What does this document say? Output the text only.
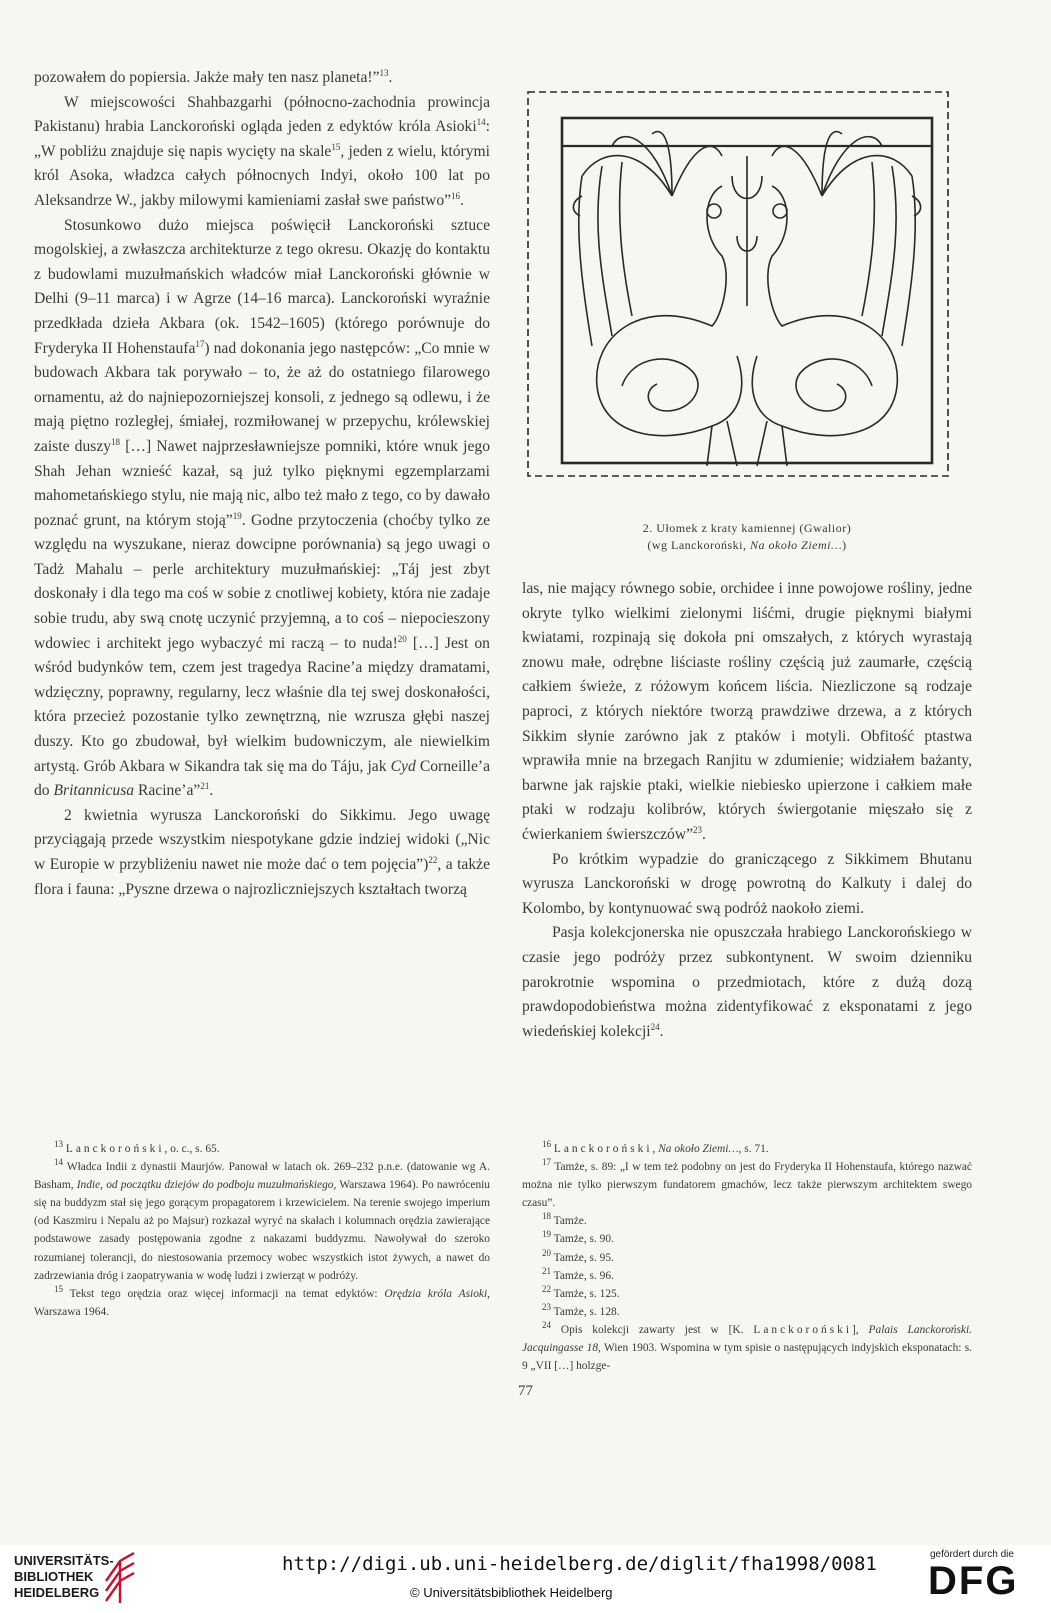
pozowałem do popiersia. Jakże mały ten nasz planeta!”$^{13}$.

W miejscowości Shahbazgarhi (północno-zachodnia prowincja Pakistanu) hrabia Lanckoroński ogląda jeden z edyktów króla Asioki$^{14}$: „W pobliżu znajduje się napis wycięty na skale$^{15}$, jeden z wielu, którymi król Asoka, władzca całych północnych Indyi, około 100 lat po Aleksandrze W., jakby milowymi kamieniami zasłał swe państwo”$^{16}$.

Stosunkowo dużo miejsca poświęcił Lanckoroński sztuce mogolskiej, a zwłaszcza architekturze z tego okresu. Okazję do kontaktu z budowlami muzułmańskich władców miał Lanckoroński głównie w Delhi (9–11 marca) i w Agrze (14–16 marca). Lanckoroński wyraźnie przedkłada dzieła Akbara (ok. 1542–1605) (którego porównuje do Fryderyka II Hohenstaufa$^{17}$) nad dokonania jego następców: „Co mnie w budowach Akbara tak porywało – to, że aż do ostatniego filarowego ornamentu, aż do najniepozorniejszej konsoli, z jednego są odlewu, i że mają piętno rozległej, śmiałej, rozmiłowanej w przepychu, królewskiej zaiste duszy$^{18}$ […] Nawet najprzesławniejsze pomniki, które wnuk jego Shah Jehan wznieść kazał, są już tylko pięknymi egzemplarzami mahometańskiego stylu, nie mają nic, albo też mało z tego, co by dawało poznać grunt, na którym stoją”$^{19}$. Godne przytoczenia (choćby tylko ze względu na wyszukane, nieraz dowcipne porównania) są jego uwagi o Tadż Mahalu – perle architektury muzułmańskiej: „Táj jest zbyt doskonały i dla tego ma coś w sobie z cnotliwej kobiety, która nie zadaje sobie trudu, aby swą cnotę uczynić przyjemną, a to coś – niepocieszony wdowiec i architekt jego wybaczyć mi raczą – to nuda!$^{20}$ […] Jest on wśród budynków tem, czem jest tragedya Racine’a między dramatami, wdzięczny, poprawny, regularny, lecz właśnie dla tej swej doskonałości, która przecież pozostanie tylko zewnętrzną, nie wzrusza głębi naszej duszy. Kto go zbudował, był wielkim budowniczym, ale niewielkim artystą. Grób Akbara w Sikandra tak się ma do Táju, jak Cyd Corneille’a do Britannicusa Racine’a”$^{21}$.

2 kwietnia wyrusza Lanckoroński do Sikkimu. Jego uwagę przyciągają przede wszystkim niespotykane gdzie indziej widoki („Nic w Europie w przybliżeniu nawet nie może dać o tem pojęcia”)$^{22}$, a także flora i fauna: „Pyszne drzewa o najrozliczniejszych kształtach tworzą

2. Ułomek z kraty kamiennej (Gwalior)
(wg Lanckoroński, Na około Ziemi…)

las, nie mający równego sobie, orchidee i inne powojowe rośliny, jedne okryte tylko wielkimi zielonymi liśćmi, drugie pięknymi białymi kwiatami, rozpinają się dokoła pni omszałych, z których wyrastają znowu małe, odrębne liściaste rośliny częścią już zaumarłe, częścią całkiem świeże, z różowym końcem liścia. Niezliczone są rodzaje paproci, z których niektóre tworzą prawdziwe drzewa, a z których Sikkim słynie zarówno jak z ptaków i motyli. Obfitość ptastwa wprawiła mnie na brzegach Ranjitu w zdumienie; widziałem bażanty, barwne jak rajskie ptaki, wielkie niebiesko upierzone i całkiem małe ptaki w rodzaju kolibrów, których świergotanie mięszało się z ćwierkaniem świerszczów”$^{23}$.

Po krótkim wypadzie do graniczącego z Sikkimem Bhutanu wyrusza Lanckoroński w drogę powrotną do Kalkuty i dalej do Kolombo, by kontynuować swą podróż naokoło ziemi.

Pasja kolekcjonerska nie opuszczała hrabiego Lanckorońskiego w czasie jego podróży przez subkontynent. W swoim dzienniku parokrotnie wspomina o przedmiotach, które z dużą dozą prawdopodobieństwa można zidentyfikować z eksponatami z jego wiedeńskiej kolekcji$^{24}$.

$^{13}$ Lanckoroński, o. c., s. 65.

$^{14}$ Władca Indii z dynastii Maurjów. Panował w latach ok. 269–232 p.n.e. (datowanie wg A. Basham, Indie, od początku dziejów do podboju muzułmańskiego, Warszawa 1964). Po nawróceniu się na buddyzm stał się jego gorącym propagatorem i krzewicielem. Na terenie swojego imperium (od Kaszmiru i Nepalu aż po Majsur) rozkazał wyryć na skałach i kolumnach orędzia zawierające podstawowe zasady postępowania zgodne z nakazami buddyzmu. Nawoływał do szeroko rozumianej tolerancji, do niestosowania przemocy wobec wszystkich istot żywych, a nawet do zadrzewiania dróg i zaopatrywania w wodę ludzi i zwierząt w podróży.

$^{15}$ Tekst tego orędzia oraz więcej informacji na temat edyktów: Orędzia króla Asioki, Warszawa 1964.

$^{16}$ Lanckoroński, Na około Ziemi…, s. 71.

$^{17}$ Tamże, s. 89: „I w tem też podobny on jest do Fryderyka II Hohenstaufa, którego nazwać można nie tylko pierwszym fundatorem gmachów, lecz także pierwszym architektem swego czasu”.

$^{18}$ Tamże.

$^{19}$ Tamże, s. 90.

$^{20}$ Tamże, s. 95.

$^{21}$ Tamże, s. 96.

$^{22}$ Tamże, s. 125.

$^{23}$ Tamże, s. 128.

$^{24}$ Opis kolekcji zawarty jest w [K. Lanckoroński], Palais Lanckoroński. Jacquingasse 18, Wien 1903. Wspomina w tym spisie o następujących indyjskich eksponatach: s. 9 „VII […] holzge-

77
UNIVERSITÄTS-
BIBLIOTHEK
HEIDELBERG
http://digi.ub.uni-heidelberg.de/diglit/fha1998/0081
© Universitätsbibliothek Heidelberg
gefördert durch die
DFG
